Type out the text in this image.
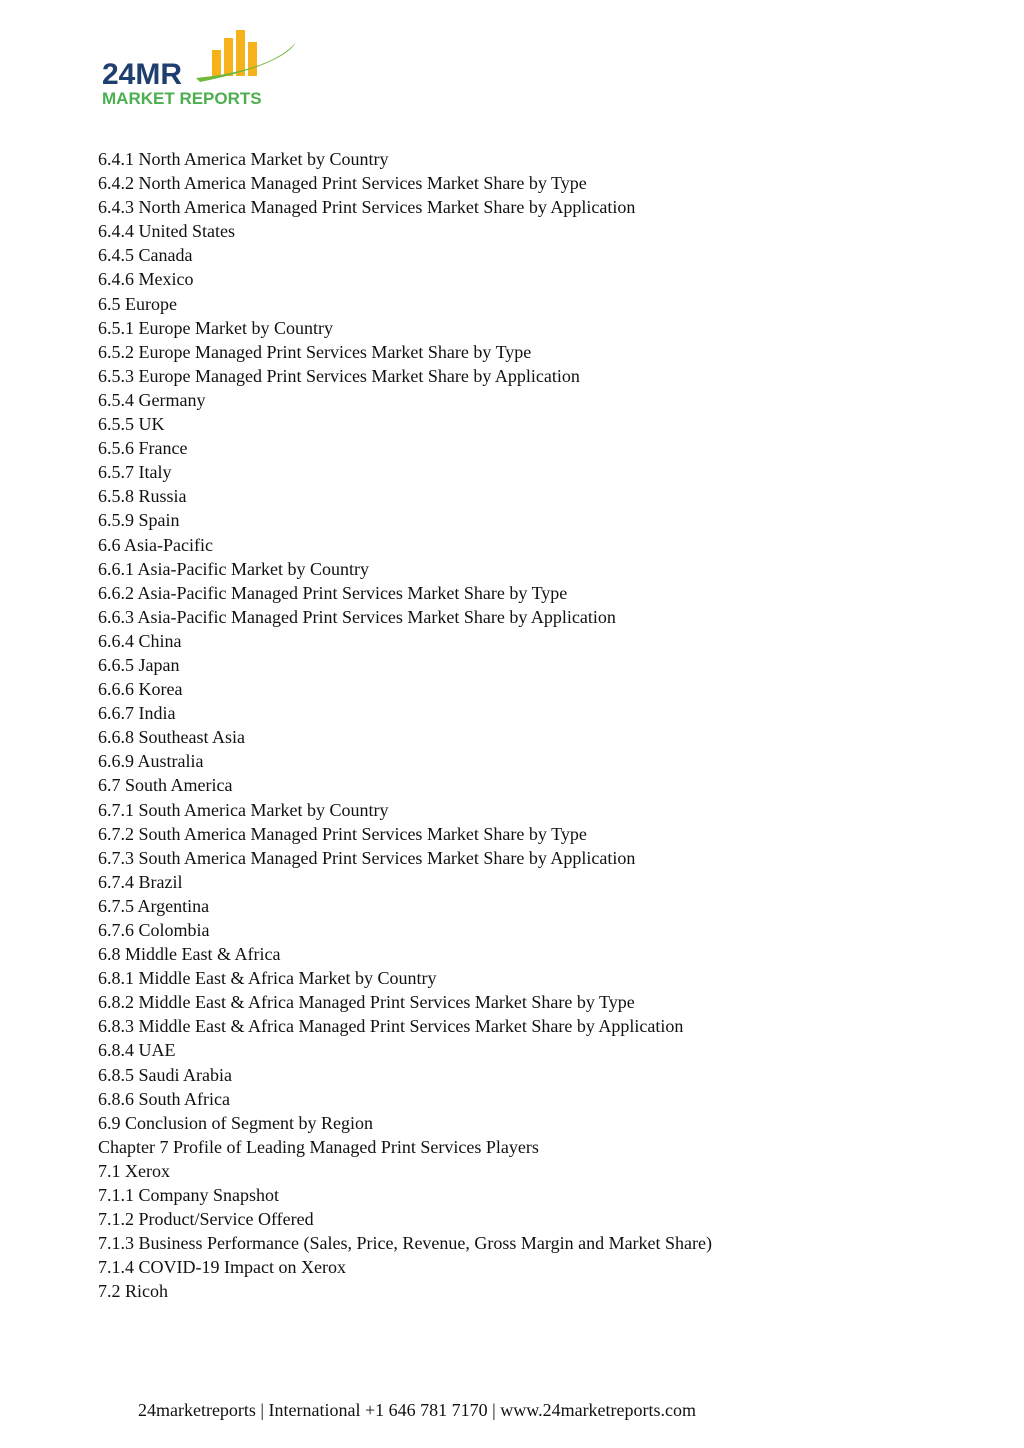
24MR
MARKET REPORTS
6.4.1 North America Market by Country
6.4.2 North America Managed Print Services Market Share by Type
6.4.3 North America Managed Print Services Market Share by Application
6.4.4 United States
6.4.5 Canada
6.4.6 Mexico
6.5 Europe
6.5.1 Europe Market by Country
6.5.2 Europe Managed Print Services Market Share by Type
6.5.3 Europe Managed Print Services Market Share by Application
6.5.4 Germany
6.5.5 UK
6.5.6 France
6.5.7 Italy
6.5.8 Russia
6.5.9 Spain
6.6 Asia-Pacific
6.6.1 Asia-Pacific Market by Country
6.6.2 Asia-Pacific Managed Print Services Market Share by Type
6.6.3 Asia-Pacific Managed Print Services Market Share by Application
6.6.4 China
6.6.5 Japan
6.6.6 Korea
6.6.7 India
6.6.8 Southeast Asia
6.6.9 Australia
6.7 South America
6.7.1 South America Market by Country
6.7.2 South America Managed Print Services Market Share by Type
6.7.3 South America Managed Print Services Market Share by Application
6.7.4 Brazil
6.7.5 Argentina
6.7.6 Colombia
6.8 Middle East & Africa
6.8.1 Middle East & Africa Market by Country
6.8.2 Middle East & Africa Managed Print Services Market Share by Type
6.8.3 Middle East & Africa Managed Print Services Market Share by Application
6.8.4 UAE
6.8.5 Saudi Arabia
6.8.6 South Africa
6.9 Conclusion of Segment by Region
Chapter 7 Profile of Leading Managed Print Services Players
7.1 Xerox
7.1.1 Company Snapshot
7.1.2 Product/Service Offered
7.1.3 Business Performance (Sales, Price, Revenue, Gross Margin and Market Share)
7.1.4 COVID-19 Impact on Xerox
7.2 Ricoh
24marketreports | International +1 646 781 7170 | www.24marketreports.com
